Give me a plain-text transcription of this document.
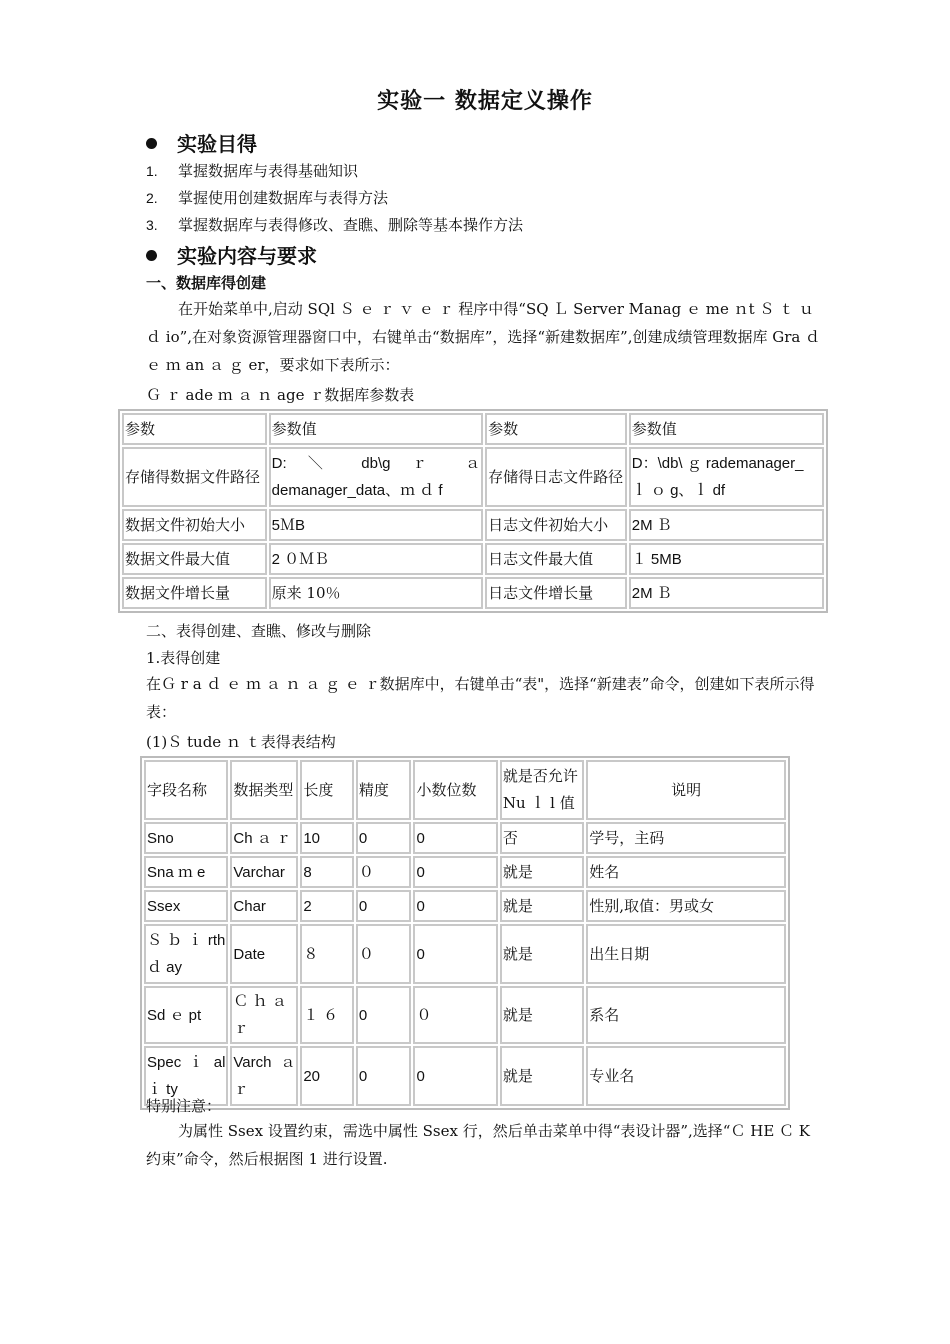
实验一 数据定义操作
实验目得
1. 掌握数据库与表得基础知识
2. 掌握使用创建数据库与表得方法
3. 掌握数据库与表得修改、查瞧、删除等基本操作方法
实验内容与要求
一、数据库得创建
在开始菜单中,启动 SQl Ｓ ｅ ｒ ｖ ｅ ｒ 程序中得“SQ Ｌ Server Manag ｅ me ｎt Ｓ ｔ ｕ ｄ io”,在对象资源管理器窗口中，右键单击“数据库”，选择“新建数据库”,创建成绩管理数据库 Gra ｄ ｅ ｍ an ａ ｇ er，要求如下表所示：
Ｇ ｒ ade ｍ ａ ｎ age ｒ数据库参数表
参数	参数值	参数	参数值
存储得数据文件路径	D: ＼ db\g ｒ ａ demanager_data、ｍ ｄ f	存储得日志文件路径	D：\db\ ｇ rademanager_ ｌ ｏ g、ｌ df
数据文件初始大小	5ＭB	日志文件初始大小	2M Ｂ
数据文件最大值	2 ０ＭＢ	日志文件最大值	１ 5MB
数据文件增长量	原来 10％	日志文件增长量	2M Ｂ
二、表得创建、查瞧、修改与删除
1.表得创建
在Ｇ r a ｄ ｅ ｍ ａ ｎ ａ ｇ ｅ ｒ数据库中，右键单击“表"，选择“新建表”命令，创建如下表所示得表：
(1)Ｓ tude ｎ ｔ表得表结构
字段名称	数据类型	长度	精度	小数位数	就是否允许 Nu ｌ l 值	说明
Sno	Ch ａ ｒ	10	0	0	否	学号，主码
Sna ｍ e	Varchar	8	０	0	就是	姓名
Ssex	Char	2	0	0	就是	性别,取值：男或女
Ｓ ｂ ｉ rth ｄ ay	Date	８	０	0	就是	出生日期
Sd ｅ pt	Ｃ ｈ ａ ｒ	１ ６	0	０	就是	系名
Spec ｉ al ｉ ty	Varch ａ ｒ	20	0	0	就是	专业名
特别注意：
为属性 Ssex 设置约束，需选中属性 Ssex 行，然后单击菜单中得“表设计器”,选择“Ｃ HE Ｃ K 约束”命令，然后根据图 1 进行设置.
